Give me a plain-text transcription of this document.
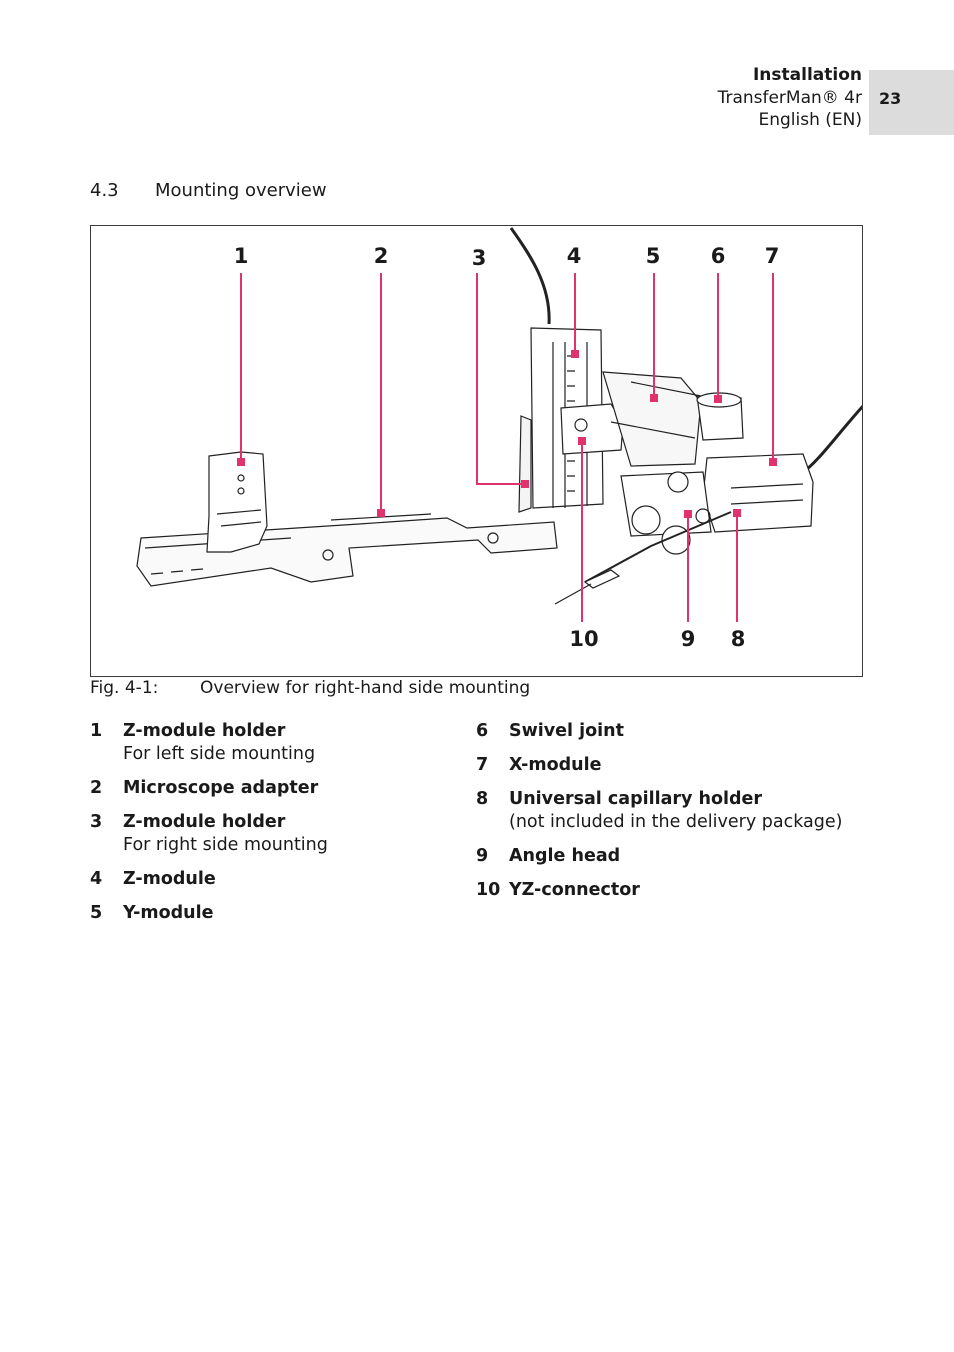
Installation
TransferMan® 4r
English (EN)
23
4.3 Mounting overview
1	2	3	4	5 6 7
8
9
10
Fig. 4-1: Overview for right-hand side mounting
1	Z-module holder
For left side mounting
2	Microscope adapter
3	Z-module holder
For right side mounting
4	Z-module
5	Y-module
6	Swivel joint
7	X-module
8	Universal capillary holder
(not included in the delivery package)
9	Angle head
10 YZ-connector
